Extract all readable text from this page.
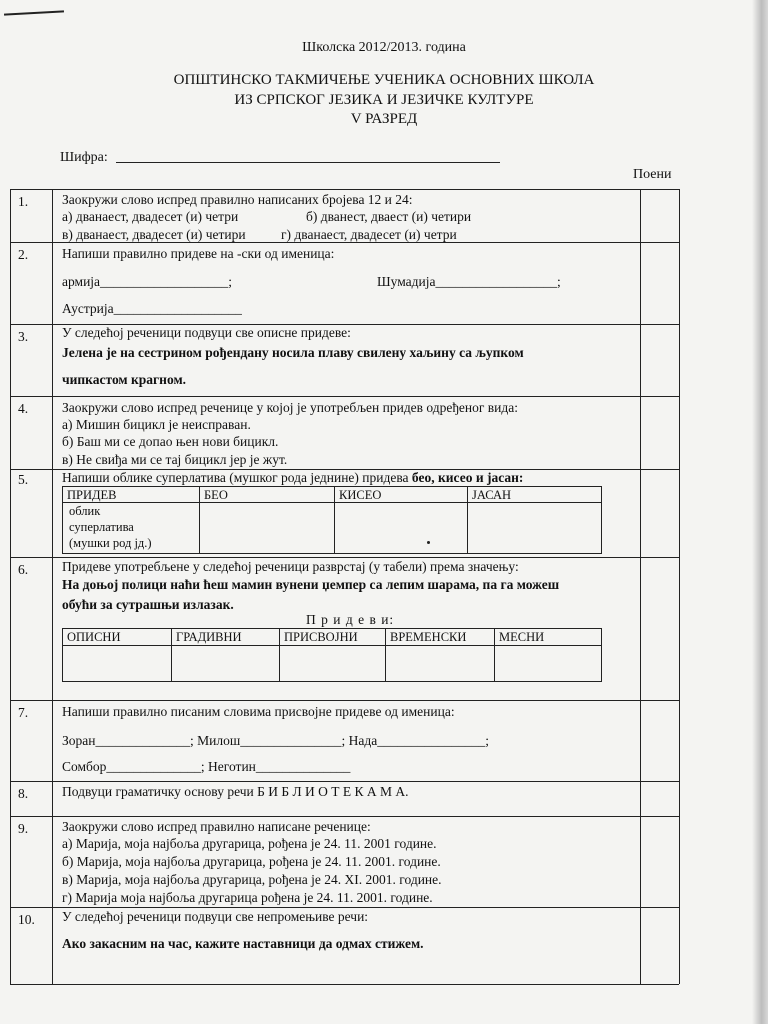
Школска 2012/2013. година
ОПШТИНСКО ТАКМИЧЕЊЕ УЧЕНИКА ОСНОВНИХ ШКОЛА
ИЗ СРПСКОГ ЈЕЗИКА И ЈЕЗИЧКЕ КУЛТУРЕ
V РАЗРЕД
Шифра:
Поени
1.	Заокружи слово испред правилно написаних бројева 12 и 24:
а) дванаест, двадесет (и) четри	б) дванест, дваест (и) четири
в) дванаест, двадесет (и) четири	г) дванаест, двадесет (и) четри
2.	Напиши правилно придеве на -ски од именица:
армија___________________;	Шумадија__________________;
Аустрија___________________
3.	У следећој реченици подвуци све описне придеве:
Јелена је на сестрином рођендану носила плаву свилену хаљину са љупком
чипкастом крагном.
4.	Заокружи слово испред реченице у којој је употребљен придев одређеног вида:
а) Мишин бицикл је неисправан.
б) Баш ми се допао њен нови бицикл.
в) Не свиђа ми се тај бицикл јер је жут.
5.	Напиши облике суперлатива (мушког рода једнине) придева бео, кисео и јасан:
ПРИДЕВ	БЕО	КИСЕО	ЈАСАН
облик
суперлатива
(мушки род јд.)
6.	Придеве употребљене у следећој реченици разврстај (у табели) према значењу:
На доњој полици наћи ћеш мамин вунени џемпер са лепим шарама, па га можеш
обући за сутрашњи излазак.
П р и д е в и:
ОПИСНИ	ГРАДИВНИ	ПРИСВОЈНИ	ВРЕМЕНСКИ	МЕСНИ
7.	Напиши правилно писаним словима присвојне придеве од именица:
Зоран______________; Милош_______________; Нада________________;
Сомбор______________; Неготин______________
8.	Подвуци граматичку основу речи Б И Б Л И О Т Е К А М А.
9.	Заокружи слово испред правилно написане реченице:
а) Марија, моја најбоља другарица, рођена је 24. 11. 2001 године.
б) Марија, моја најбоља другарица, рођена је 24. 11. 2001. године.
в) Марија, моја најбоља другарица, рођена је 24. XI. 2001. године.
г) Марија моја најбоља другарица рођена је 24. 11. 2001. године.
10. У следећој реченици подвуци све непромењиве речи:
Ако закасним на час, кажите наставници да одмах стижем.
